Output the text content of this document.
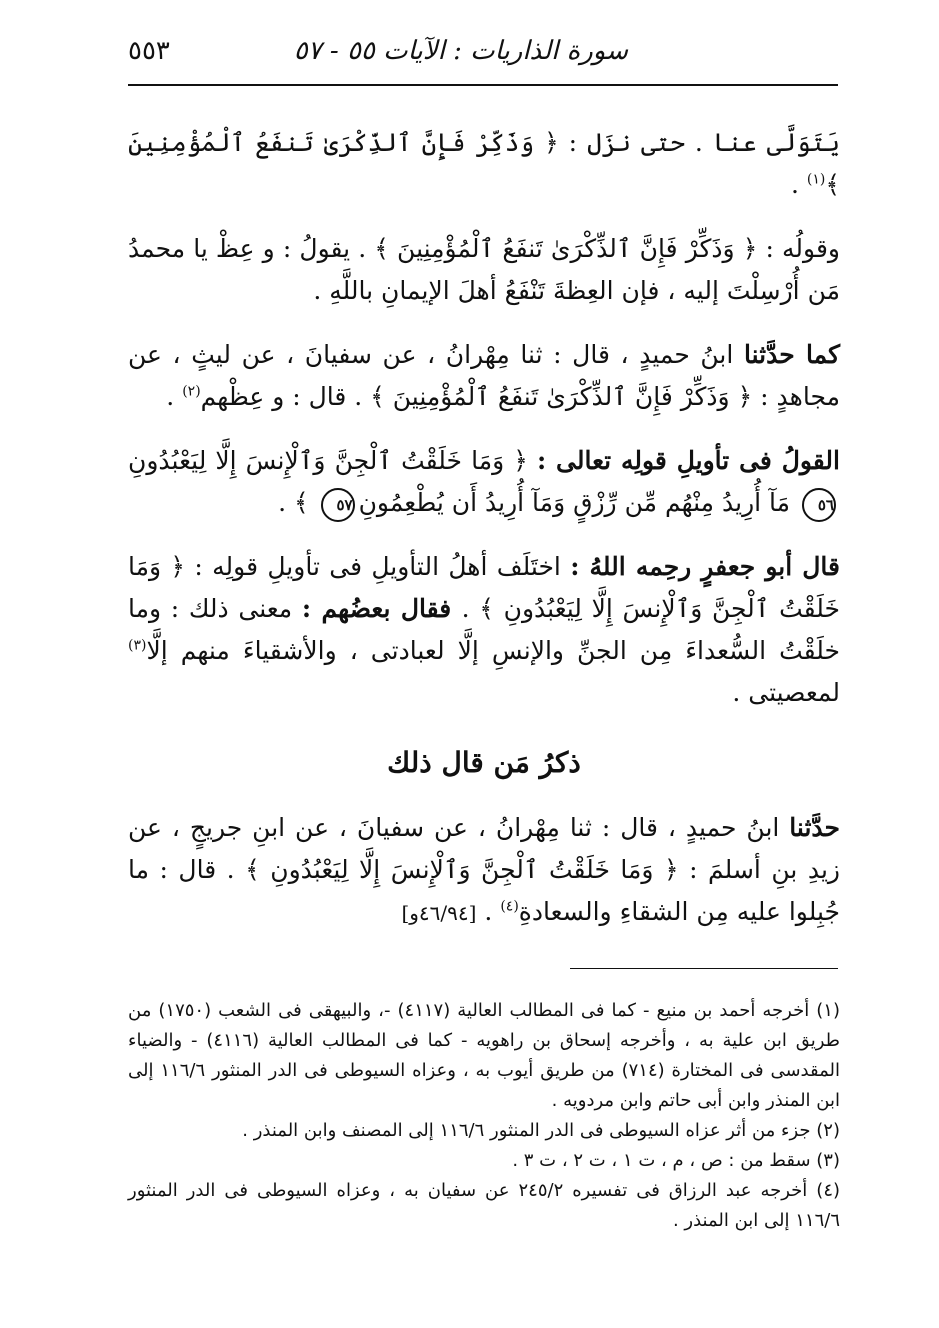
سورة الذاريات : الآيات ٥٥ - ٥٧
٥٥٣

يَتَوَلَّى عنا . حتى نزَل : ﴿ وَذَكِّرْ فَإِنَّ ٱلذِّكْرَىٰ تَنفَعُ ٱلْمُؤْمِنِينَ ﴾$^{(١)}$ .

وقولُه : ﴿ وَذَكِّرْ فَإِنَّ ٱلذِّكْرَىٰ تَنفَعُ ٱلْمُؤْمِنِينَ ﴾ . يقولُ : و عِظْ يا محمدُ مَن أُرْسِلْتَ إليه ، فإن العِظةَ تَنْفَعُ أهلَ الإيمانِ باللَّهِ .

كما حدَّثنا ابنُ حميدٍ ، قال : ثنا مِهْرانُ ، عن سفيانَ ، عن ليثٍ ، عن مجاهدٍ : ﴿ وَذَكِّرْ فَإِنَّ ٱلذِّكْرَىٰ تَنفَعُ ٱلْمُؤْمِنِينَ ﴾ . قال : و عِظْهم$^{(٢)}$ .

القولُ فى تأويلِ قولِه تعالى : ﴿ وَمَا خَلَقْتُ ٱلْجِنَّ وَٱلْإِنسَ إِلَّا لِيَعْبُدُونِ٥٦ مَآ أُرِيدُ مِنْهُم مِّن رِّزْقٍ وَمَآ أُرِيدُ أَن يُطْعِمُونِ٥٧ ﴾ .

قال أبو جعفرٍ رحِمه اللهُ : اختَلَف أهلُ التأويلِ فى تأويلِ قولِه : ﴿ وَمَا خَلَقْتُ ٱلْجِنَّ وَٱلْإِنسَ إِلَّا لِيَعْبُدُونِ ﴾ . فقال بعضُهم : معنى ذلك : وما خلَقْتُ السُّعداءَ مِن الجنِّ والإنسِ إلَّا لعبادتى ، والأشقياءَ منهم إلَّا$^{(٣)}$ لمعصيتى .

ذكرُ مَن قال ذلك

حدَّثنا ابنُ حميدٍ ، قال : ثنا مِهْرانُ ، عن سفيانَ ، عن ابنِ جريجٍ ، عن زيدِ بنِ أسلمَ : ﴿ وَمَا خَلَقْتُ ٱلْجِنَّ وَٱلْإِنسَ إِلَّا لِيَعْبُدُونِ ﴾ . قال : ما جُبِلوا عليه مِن الشقاءِ والسعادةِ$^{(٤)}$ . [٤٦/٩٤و]

(١) أخرجه أحمد بن منيع - كما فى المطالب العالية (٤١١٧) -، والبيهقى فى الشعب (١٧٥٠) من طريق ابن علية به ، وأخرجه إسحاق بن راهويه - كما فى المطالب العالية (٤١١٦) - والضياء المقدسى فى المختارة (٧١٤) من طريق أيوب به ، وعزاه السيوطى فى الدر المنثور ١١٦/٦ إلى ابن المنذر وابن أبى حاتم وابن مردويه .

(٢) جزء من أثر عزاه السيوطى فى الدر المنثور ١١٦/٦ إلى المصنف وابن المنذر .

(٣) سقط من : ص ، م ، ت ١ ، ت ٢ ، ت ٣ .

(٤) أخرجه عبد الرزاق فى تفسيره ٢٤٥/٢ عن سفيان به ، وعزاه السيوطى فى الدر المنثور ١١٦/٦ إلى ابن المنذر .
